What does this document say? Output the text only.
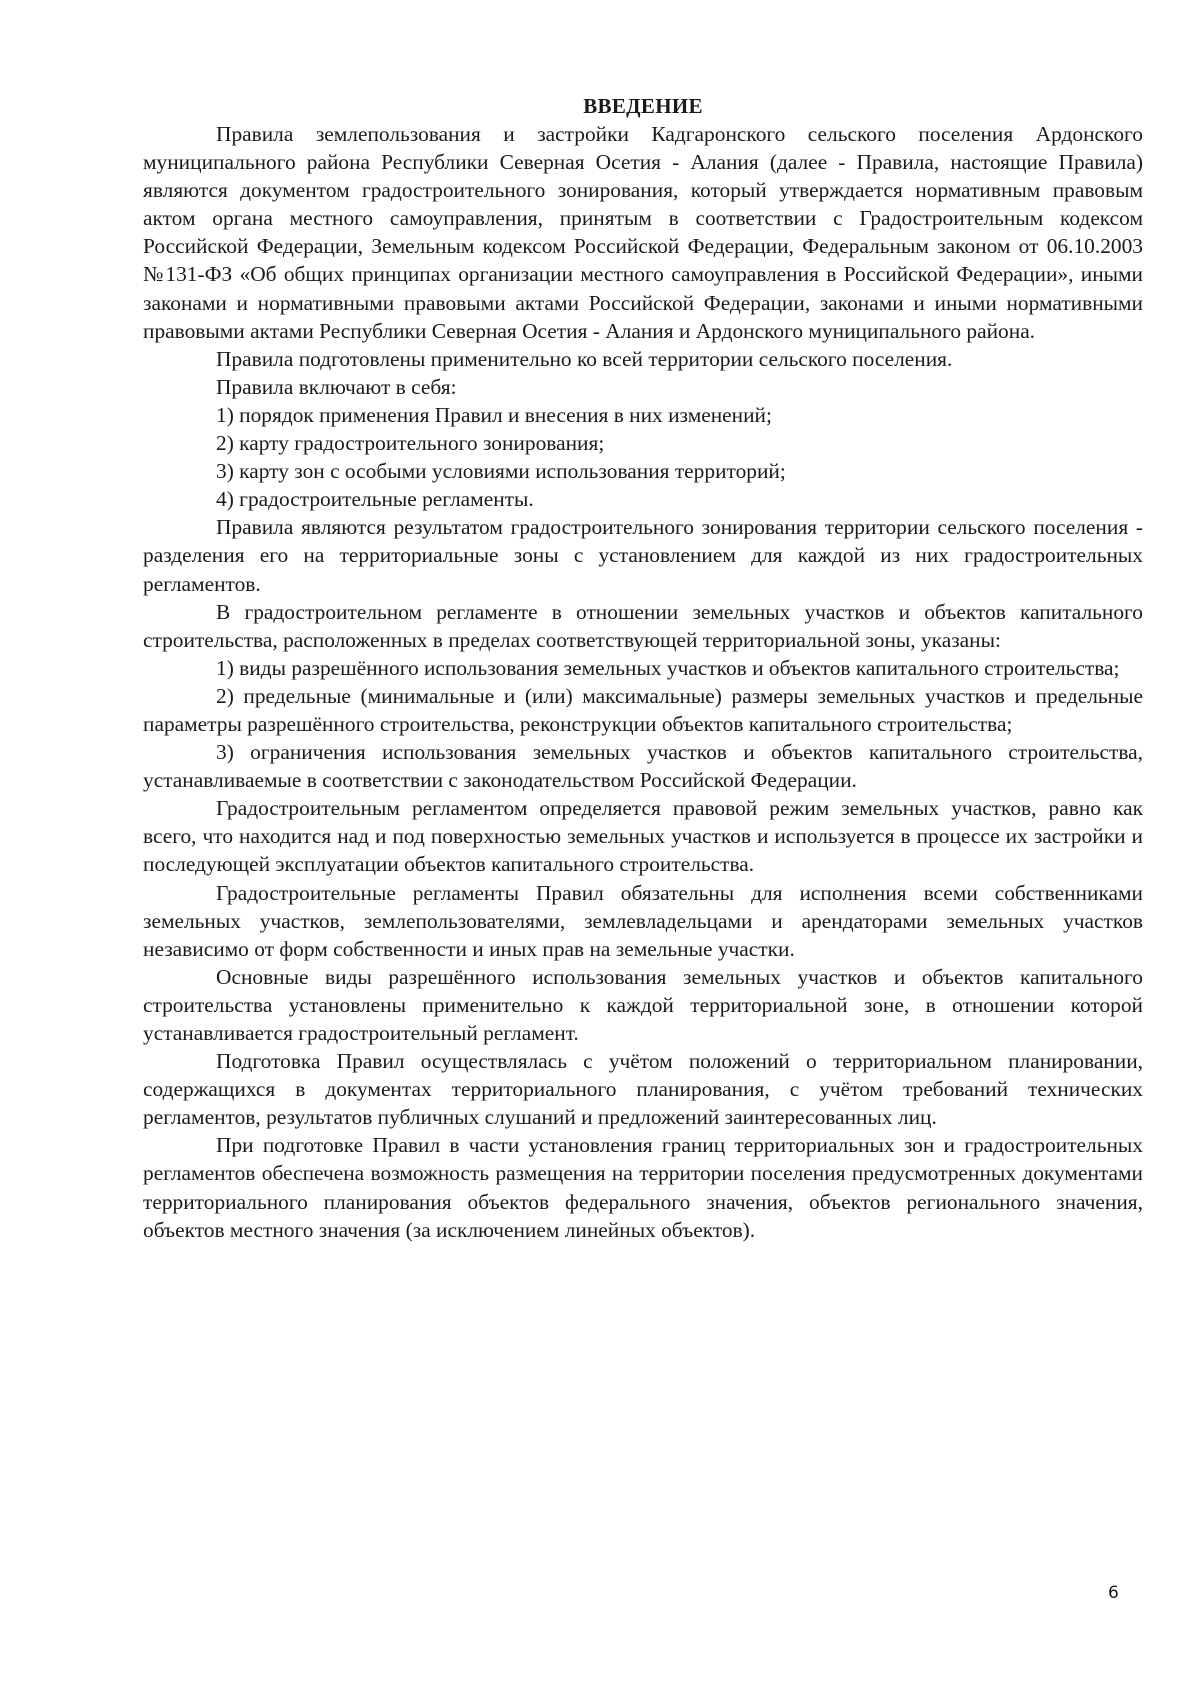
ВВЕДЕНИЕ

Правила землепользования и застройки Кадгаронского сельского поселения Ардонского муниципального района Республики Северная Осетия - Алания (далее - Правила, настоящие Правила) являются документом градостроительного зонирования, который утверждается нормативным правовым актом органа местного самоуправления, принятым в соответствии с Градостроительным кодексом Российской Федерации, Земельным кодексом Российской Федерации, Федеральным законом от 06.10.2003 №131-ФЗ «Об общих принципах организации местного самоуправления в Российской Федерации», иными законами и нормативными правовыми актами Российской Федерации, законами и иными нормативными правовыми актами Республики Северная Осетия - Алания и Ардонского муниципального района.

Правила подготовлены применительно ко всей территории сельского поселения.

Правила включают в себя:

1) порядок применения Правил и внесения в них изменений;

2) карту градостроительного зонирования;

3) карту зон с особыми условиями использования территорий;

4) градостроительные регламенты.

Правила являются результатом градостроительного зонирования территории сельского поселения - разделения его на территориальные зоны с установлением для каждой из них градостроительных регламентов.

В градостроительном регламенте в отношении земельных участков и объектов капитального строительства, расположенных в пределах соответствующей территориальной зоны, указаны:

1) виды разрешённого использования земельных участков и объектов капитального строительства;

2) предельные (минимальные и (или) максимальные) размеры земельных участков и предельные параметры разрешённого строительства, реконструкции объектов капитального строительства;

3) ограничения использования земельных участков и объектов капитального строительства, устанавливаемые в соответствии с законодательством Российской Федерации.

Градостроительным регламентом определяется правовой режим земельных участков, равно как всего, что находится над и под поверхностью земельных участков и используется в процессе их застройки и последующей эксплуатации объектов капитального строительства.

Градостроительные регламенты Правил обязательны для исполнения всеми собственниками земельных участков, землепользователями, землевладельцами и арендаторами земельных участков независимо от форм собственности и иных прав на земельные участки.

Основные виды разрешённого использования земельных участков и объектов капитального строительства установлены применительно к каждой территориальной зоне, в отношении которой устанавливается градостроительный регламент.

Подготовка Правил осуществлялась с учётом положений о территориальном планировании, содержащихся в документах территориального планирования, с учётом требований технических регламентов, результатов публичных слушаний и предложений заинтересованных лиц.

При подготовке Правил в части установления границ территориальных зон и градостроительных регламентов обеспечена возможность размещения на территории поселения предусмотренных документами территориального планирования объектов федерального значения, объектов регионального значения, объектов местного значения (за исключением линейных объектов).

6
